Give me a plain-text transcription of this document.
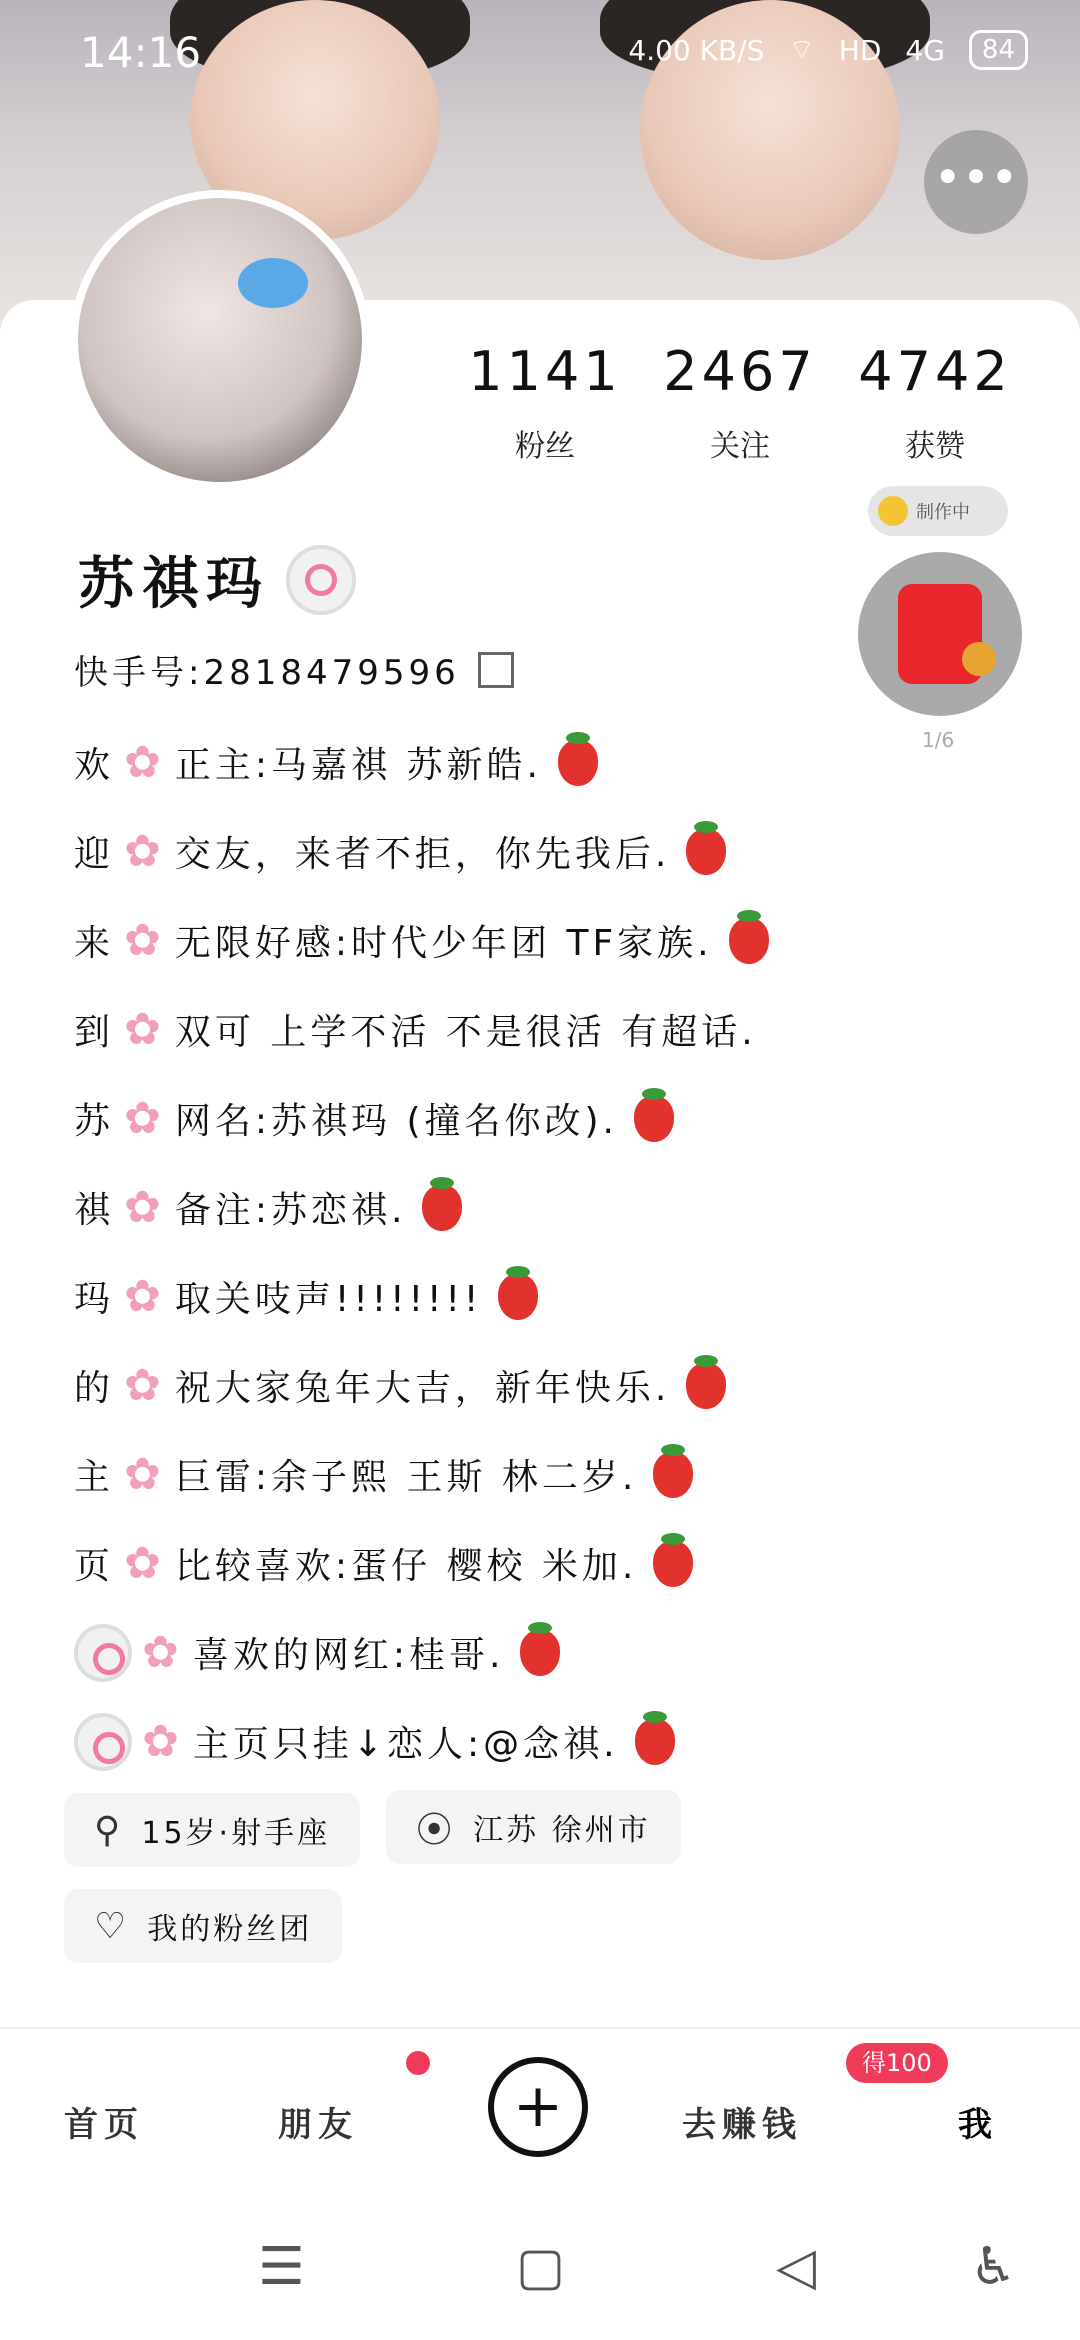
14:16	4.00 KB/S ⌔ HD 4G	84
•••
1141
粉丝
2467
关注
4742
获赞
制作中
1/6
苏祺玛
快手号:2818479596
欢 ✿ 正主:马嘉祺 苏新皓.
迎 ✿ 交友，来者不拒，你先我后.
来 ✿ 无限好感:时代少年团 TF家族.
到 ✿ 双可 上学不活 不是很活 有超话.
苏 ✿ 网名:苏祺玛 (撞名你改).
祺 ✿ 备注:苏恋祺.
玛 ✿ 取关吱声!!!!!!!!
的 ✿ 祝大家兔年大吉，新年快乐.
主 ✿ 巨雷:余子熙 王斯 林二岁.
页 ✿ 比较喜欢:蛋仔 樱校 米加.
✿ 喜欢的网红:桂哥.
✿ 主页只挂↓恋人:@念祺.
⚲ 15岁·射手座 ⦿ 江苏 徐州市

♡ 我的粉丝团
首页	朋友	+
得100
去赚钱	我
☰	▢	◁	♿
